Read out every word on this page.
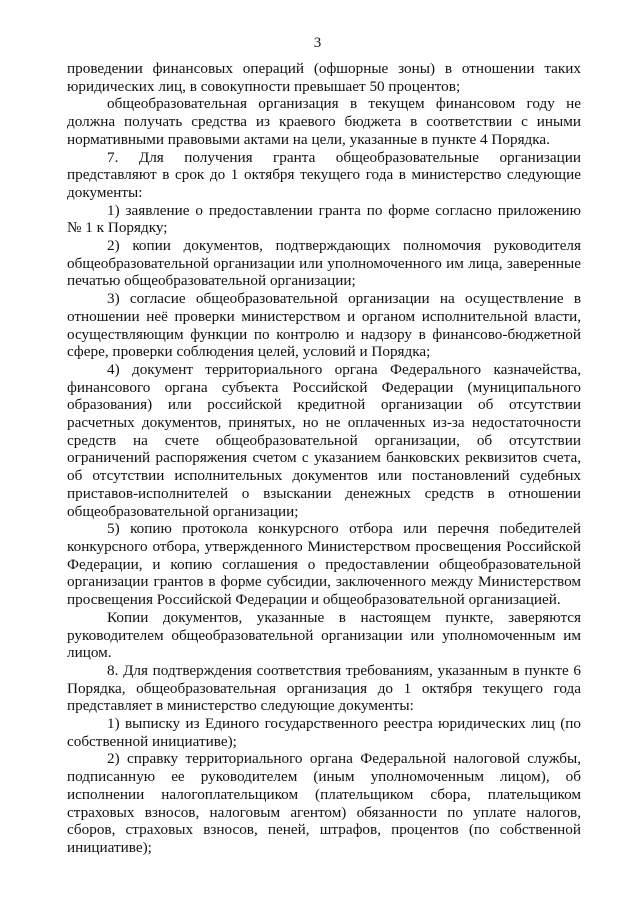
3

проведении финансовых операций (офшорные зоны) в отношении таких юридических лиц, в совокупности превышает 50 процентов;

общеобразовательная организация в текущем финансовом году не должна получать средства из краевого бюджета в соответствии с иными нормативными правовыми актами на цели, указанные в пункте 4 Порядка.

7. Для получения гранта общеобразовательные организации представляют в срок до 1 октября текущего года в министерство следующие документы:

1) заявление о предоставлении гранта по форме согласно приложению № 1 к Порядку;

2) копии документов, подтверждающих полномочия руководителя общеобразовательной организации или уполномоченного им лица, заверенные печатью общеобразовательной организации;

3) согласие общеобразовательной организации на осуществление в отношении неё проверки министерством и органом исполнительной власти, осуществляющим функции по контролю и надзору в финансово-бюджетной сфере, проверки соблюдения целей, условий и Порядка;

4) документ территориального органа Федерального казначейства, финансового органа субъекта Российской Федерации (муниципального образования) или российской кредитной организации об отсутствии расчетных документов, принятых, но не оплаченных из-за недостаточности средств на счете общеобразовательной организации, об отсутствии ограничений распоряжения счетом с указанием банковских реквизитов счета, об отсутствии исполнительных документов или постановлений судебных приставов-исполнителей о взыскании денежных средств в отношении общеобразовательной организации;

5) копию протокола конкурсного отбора или перечня победителей конкурсного отбора, утвержденного Министерством просвещения Российской Федерации, и копию соглашения о предоставлении общеобразовательной организации грантов в форме субсидии, заключенного между Министерством просвещения Российской Федерации и общеобразовательной организацией.

Копии документов, указанные в настоящем пункте, заверяются руководителем общеобразовательной организации или уполномоченным им лицом.

8. Для подтверждения соответствия требованиям, указанным в пункте 6 Порядка, общеобразовательная организация до 1 октября текущего года представляет в министерство следующие документы:

1) выписку из Единого государственного реестра юридических лиц (по собственной инициативе);

2) справку территориального органа Федеральной налоговой службы, подписанную ее руководителем (иным уполномоченным лицом), об исполнении налогоплательщиком (плательщиком сбора, плательщиком страховых взносов, налоговым агентом) обязанности по уплате налогов, сборов, страховых взносов, пеней, штрафов, процентов (по собственной инициативе);
